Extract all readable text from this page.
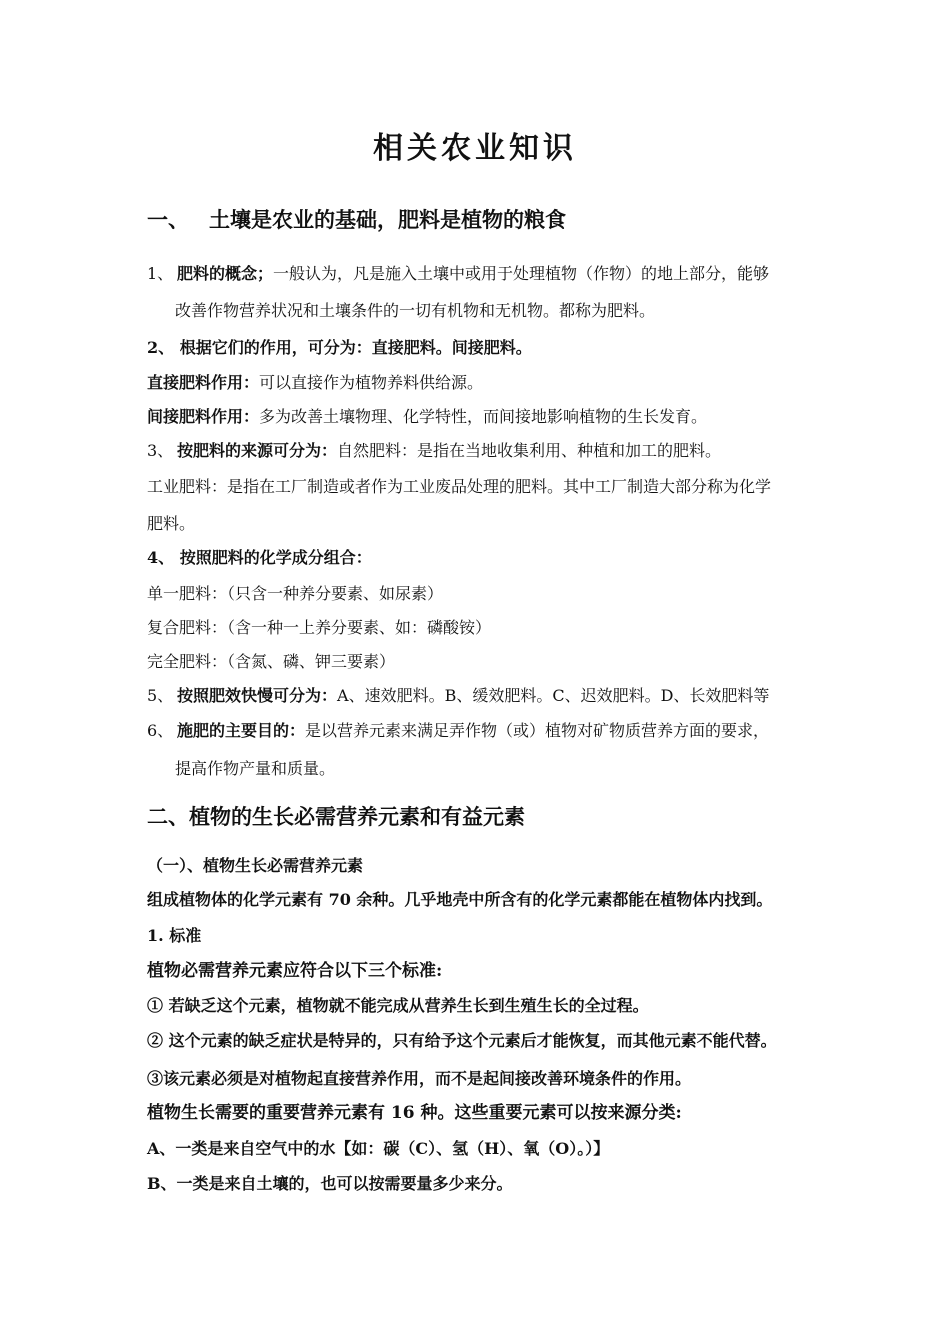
相关农业知识
一、 土壤是农业的基础，肥料是植物的粮食
1、 肥料的概念；一般认为，凡是施入土壤中或用于处理植物（作物）的地上部分，能够
改善作物营养状况和土壤条件的一切有机物和无机物。都称为肥料。
2、 根据它们的作用，可分为：直接肥料。间接肥料。
直接肥料作用：可以直接作为植物养料供给源。
间接肥料作用：多为改善土壤物理、化学特性，而间接地影响植物的生长发育。
3、 按肥料的来源可分为：自然肥料：是指在当地收集利用、种植和加工的肥料。
工业肥料：是指在工厂制造或者作为工业废品处理的肥料。其中工厂制造大部分称为化学
肥料。
4、 按照肥料的化学成分组合：
单一肥料：（只含一种养分要素、如尿素）
复合肥料：（含一种一上养分要素、如：磷酸铵）
完全肥料：（含氮、磷、钾三要素）
5、 按照肥效快慢可分为：A、速效肥料。B、缓效肥料。C、迟效肥料。D、长效肥料等
6、 施肥的主要目的：是以营养元素来满足弄作物（或）植物对矿物质营养方面的要求，
提高作物产量和质量。
二、植物的生长必需营养元素和有益元素
（一）、植物生长必需营养元素
组成植物体的化学元素有 70 余种。几乎地壳中所含有的化学元素都能在植物体内找到。
1. 标准
植物必需营养元素应符合以下三个标准:
① 若缺乏这个元素，植物就不能完成从营养生长到生殖生长的全过程。
② 这个元素的缺乏症状是特异的，只有给予这个元素后才能恢复，而其他元素不能代替。
③该元素必须是对植物起直接营养作用，而不是起间接改善环境条件的作用。
植物生长需要的重要营养元素有 16 种。这些重要元素可以按来源分类:
A、一类是来自空气中的水【如：碳（C）、氢（H）、氧（O）。）】
B、一类是来自土壤的，也可以按需要量多少来分。
